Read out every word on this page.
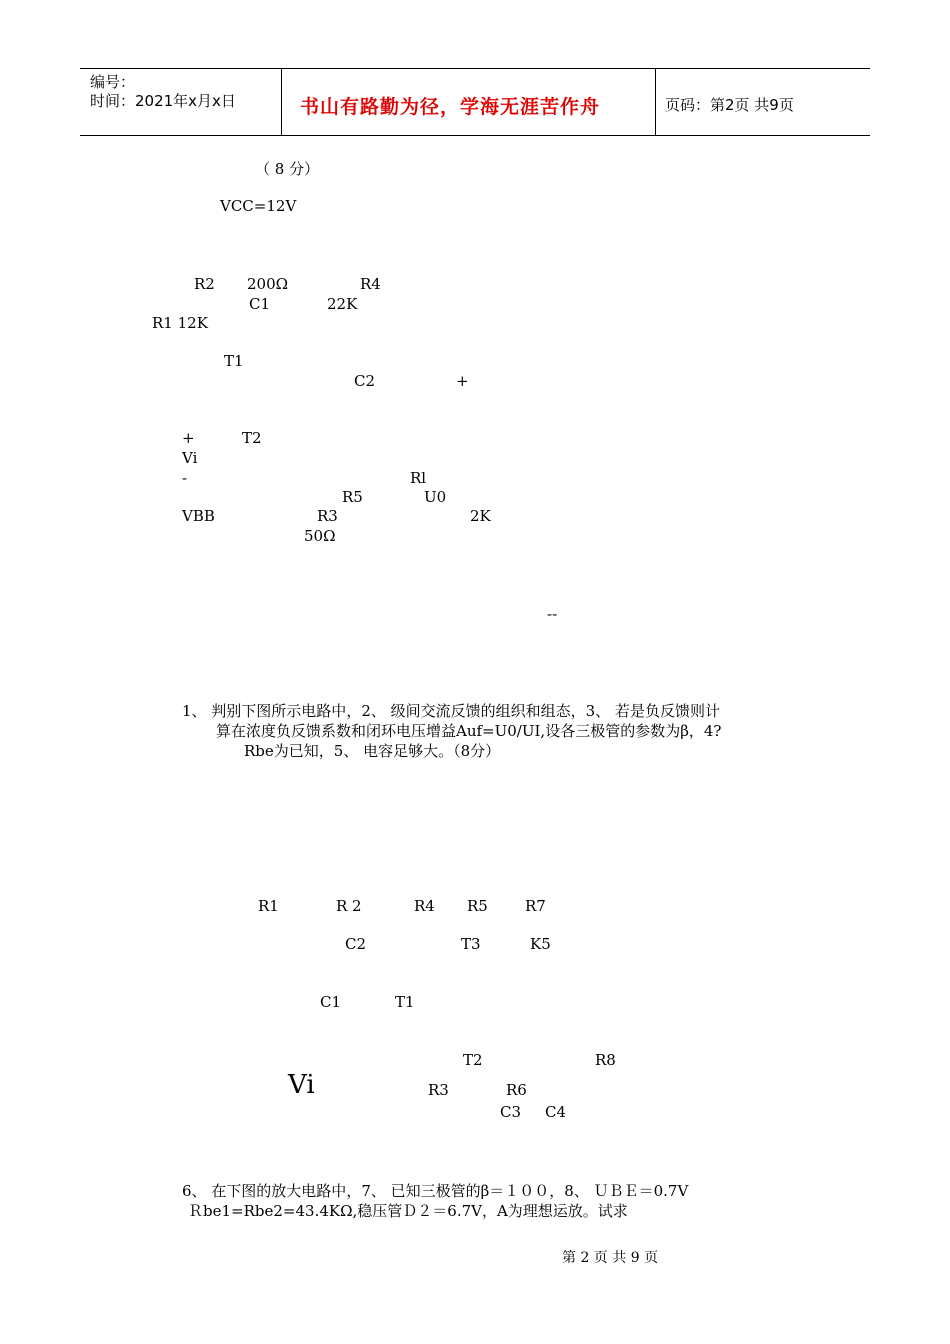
编号：
时间：2021年x月x日	书山有路勤为径，学海无涯苦作舟	页码：第2页 共9页
（ 8 分）
VCC=12V
R2 200Ω	R4
C1	22K
R1 12K
T1
C2	+
+	T2
Vi
-	Rl
R5	U0
VBB	R3	2K
50Ω
--
1、 判别下图所示电路中，2、 级间交流反馈的组织和组态，3、 若是负反馈则计
算在浓度负反馈系数和闭环电压增益Auf=U0/UI,设各三极管的参数为β，4?
Rbe为已知，5、 电容足够大。（8分）
R1	R 2	R4 R5 R7
C2	T3	K5
C1	T1
T2	R8
Vi	R3	R6
C3 C4
6、 在下图的放大电路中，7、 已知三极管的β＝１００，8、 ＵＢＥ＝0.7V
Ｒbe1=Rbe2=43.4KΩ,稳压管Ｄ２＝6.7V，A为理想运放。试求
第 2 页 共 9 页
